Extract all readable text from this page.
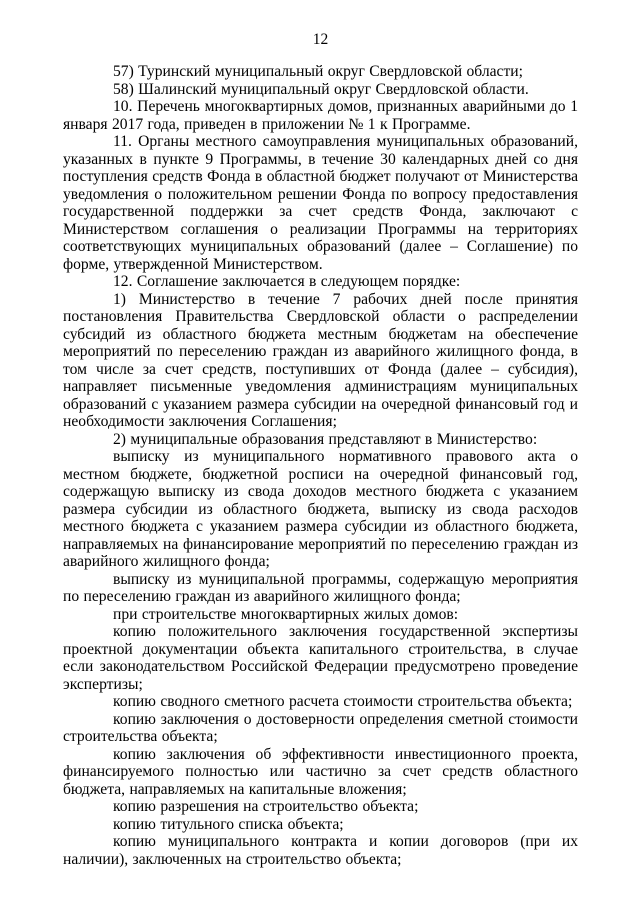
12

57) Туринский муниципальный округ Свердловской области;

58) Шалинский муниципальный округ Свердловской области.

10. Перечень многоквартирных домов, признанных аварийными до 1 января 2017 года, приведен в приложении № 1 к Программе.

11. Органы местного самоуправления муниципальных образований, указанных в пункте 9 Программы, в течение 30 календарных дней со дня поступления средств Фонда в областной бюджет получают от Министерства уведомления о положительном решении Фонда по вопросу предоставления государственной поддержки за счет средств Фонда, заключают с Министерством соглашения о реализации Программы на территориях соответствующих муниципальных образований (далее – Соглашение) по форме, утвержденной Министерством.

12. Соглашение заключается в следующем порядке:

1) Министерство в течение 7 рабочих дней после принятия постановления Правительства Свердловской области о распределении субсидий из областного бюджета местным бюджетам на обеспечение мероприятий по переселению граждан из аварийного жилищного фонда, в том числе за счет средств, поступивших от Фонда (далее – субсидия), направляет письменные уведомления администрациям муниципальных образований с указанием размера субсидии на очередной финансовый год и необходимости заключения Соглашения;

2) муниципальные образования представляют в Министерство:

выписку из муниципального нормативного правового акта о местном бюджете, бюджетной росписи на очередной финансовый год, содержащую выписку из свода доходов местного бюджета с указанием размера субсидии из областного бюджета, выписку из свода расходов местного бюджета с указанием размера субсидии из областного бюджета, направляемых на финансирование мероприятий по переселению граждан из аварийного жилищного фонда;

выписку из муниципальной программы, содержащую мероприятия по переселению граждан из аварийного жилищного фонда;

при строительстве многоквартирных жилых домов:

копию положительного заключения государственной экспертизы проектной документации объекта капитального строительства, в случае если законодательством Российской Федерации предусмотрено проведение экспертизы;

копию сводного сметного расчета стоимости строительства объекта;

копию заключения о достоверности определения сметной стоимости строительства объекта;

копию заключения об эффективности инвестиционного проекта, финансируемого полностью или частично за счет средств областного бюджета, направляемых на капитальные вложения;

копию разрешения на строительство объекта;

копию титульного списка объекта;

копию муниципального контракта и копии договоров (при их наличии), заключенных на строительство объекта;
